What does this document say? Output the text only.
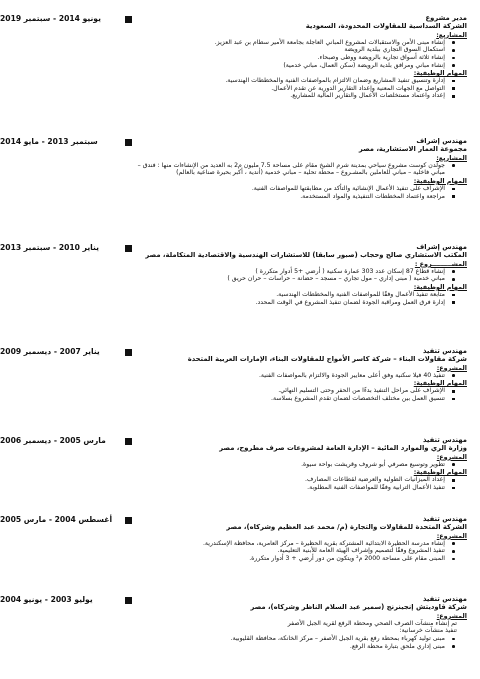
يونيو 2014 - سبتمبر 2019	مدير مشروع
الشركة السداسية للمقاولات المحدودة، السعودية
المشاريع:
إنشاء مبنى الأمن والاستقبالات لمشروع المباني العاجلة بجامعة الأمير سطام بن عبد العزيز.
استكمال السوق التجاري ببلدية الرويضة
إنشاء ثلاثة أسواق تجارية بالرويضة ووطى وصبحاء.
إنشاء مباني ومرافق بلدية الرويضة (سكن العمال، مباني خدمية)
المهام الوظيفية:
إدارة وتنسيق تنفيذ المشاريع وضمان الالتزام بالمواصفات الفنية والمخططات الهندسية.
التواصل مع الجهات المعنية وإعداد التقارير الدورية عن تقدم الأعمال.
إعداد واعتماد مستخلصات الأعمال والتقارير المالية للمشاريع.
سبتمبر 2013 - مايو 2014	مهندس إشراف
مجموعة العمار الاستشارية، مصر
المشاريع:
جولدن كوست مشروع سياحي بمدينة شرم الشيخ مقام على مساحة 7.5 مليون م2 به العديد من الإنشاءات منها : فندق – مباني فاخلية – مباني للعاملين بالمشـروع – محطة تحلية – مباني خدمية (أندية ، أكبر بحيرة صناعية بالعالم)
المهام الوظيفية:
الإشراف على تنفيذ الأعمال الإنشائية والتأكد من مطابقتها للمواصفات الفنية.
مراجعة واعتماد المخططات التنفيذية والمواد المستخدمة.
يناير 2010 - سبتمبر 2013	مهندس إشراف
المكتب الاستشاري صالح وحجاب (صبور سابقا) للاستشارات الهندسية والاقتصادية المتكاملة، مصر
المشـــــــــروع :
إنشاء قطاع 87 إسكان عدد 303 عمارة سكنية ( أرضي +5 أدوار متكررة )
مباني خدمية ( مبنى إداري – مول تجاري – مسجد – حضانة – حراسات – حران حريق )
المهام الوظيفية:
متابعة تنفيذ الأعمال وفقًا للمواصفات الفنية والمخططات الهندسية.
إدارة فرق العمل ومراقبة الجودة لضمان تنفيذ المشروع في الوقت المحدد.
يناير 2007 - ديسمبر 2009	مهندس تنفيذ
شركة مقاولات البناء – شركة كاسر الأمواج للمقاولات البناء، الإمارات العربية المتحدة
المشروع:
تنفيذ 40 فيلا سكنية وفق أعلى معايير الجودة والالتزام بالمواصفات الفنية.
المهام الوظيفية:
الإشراف على مراحل التنفيذ بدءًا من الحفر وحتى التسليم النهائي.
تنسيق العمل بين مختلف التخصصات لضمان تقدم المشروع بسلاسة.
مارس 2005 - ديسمبر 2006	مهندس تنفيذ
وزارة الري والموارد المائية – الإدارة العامة لمشروعات صرف مطروح، مصر
المشروع:
تطوير وتوسيع مصرفي أبو شروف وقريشت بواحة سيوة.
المهام الوظيفية:
إعداد الميزانيات الطولية والعرضية لقطاعات المصارف.
تنفيذ الأعمال الترابية وفقًا للمواصفات الفنية المطلوبة.
أغسطس 2004 - مارس 2005	مهندس تنفيذ
الشركة المتحدة للمقاولات والتجارة (م/ محمد عبد العظيم وشركاه)، مصر
المشروع:
إنشاء مدرسة الحظيرة الابتدائية المشتركة بقرية الحظيرة – مركز العامرية، محافظة الإسكندرية.
تنفيذ المشروع وفقًا لتصميم وإشراف الهيئة العامة للأبنية التعليمية.
المبنى مقام على مساحة 2000 م² ويتكون من دور أرضي + 3 أدوار متكررة.
يوليو 2003 - يونيو 2004	مهندس تنفيذ
شركة قاوديتش إنجينرنج (سمير عبد السلام الناظر وشركاه)، مصر
المشروع:
تم إنشاء منشآت الصرف الصحي ومحطة الرفع لقرية الجبل الأصفر
تنفيذ منشآت خرسانية:
مبنى توليد كهرباء بمحطة رفع بقرية الجبل الأصفر – مركز الخانكة، محافظة القليوبية.
مبنى إداري ملحق بتبارة محطة الرفع.
